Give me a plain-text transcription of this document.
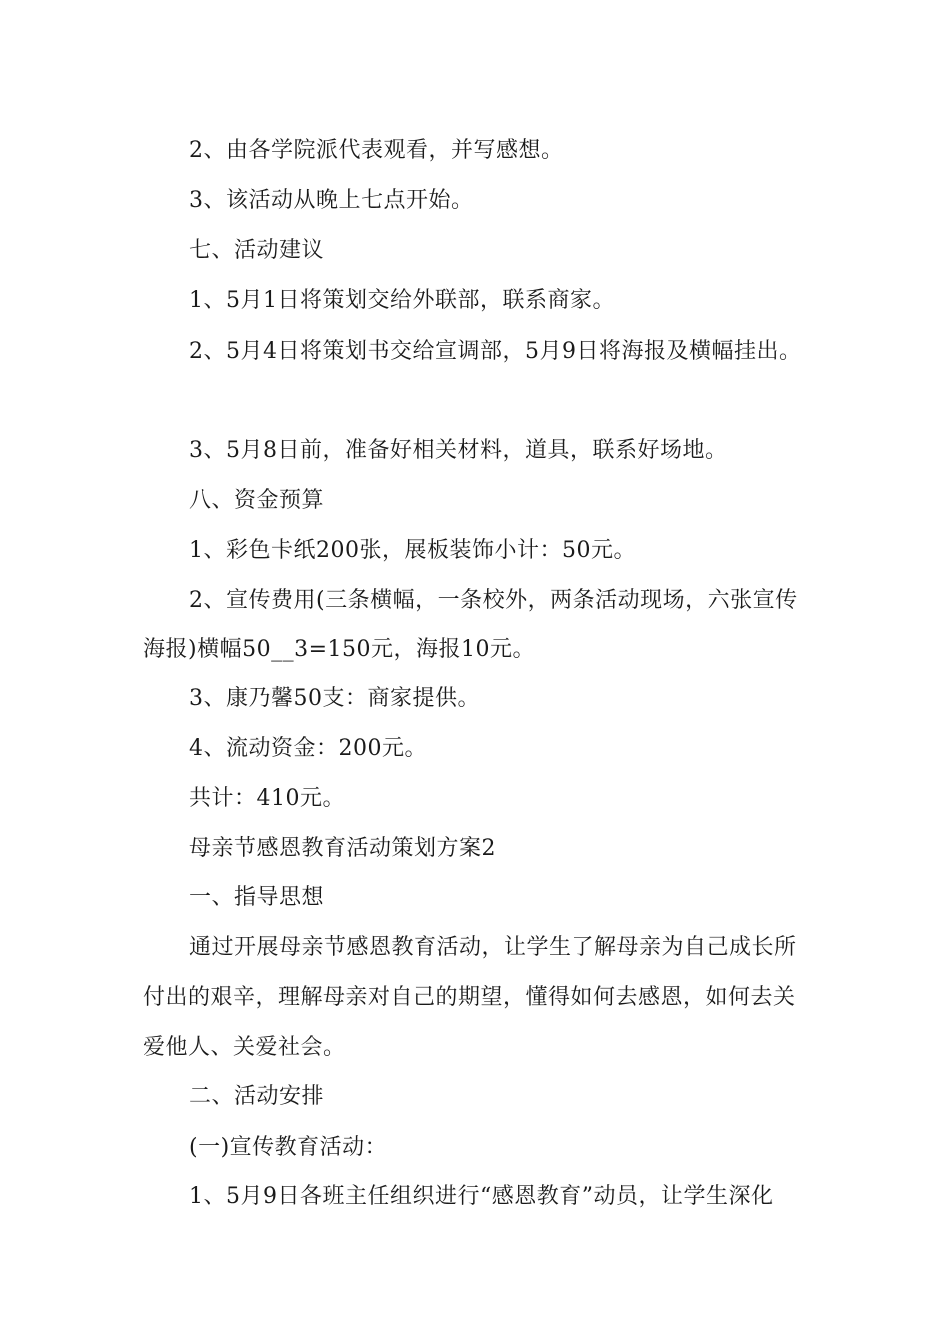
2、由各学院派代表观看，并写感想。
3、该活动从晚上七点开始。
七、活动建议
1、5月1日将策划交给外联部，联系商家。
2、5月4日将策划书交给宣调部，5月9日将海报及横幅挂出。
3、5月8日前，准备好相关材料，道具，联系好场地。
八、资金预算
1、彩色卡纸200张，展板装饰小计：50元。
2、宣传费用(三条横幅，一条校外，两条活动现场，六张宣传
海报)横幅50__3=150元，海报10元。
3、康乃馨50支：商家提供。
4、流动资金：200元。
共计：410元。
母亲节感恩教育活动策划方案2
一、指导思想
通过开展母亲节感恩教育活动，让学生了解母亲为自己成长所
付出的艰辛，理解母亲对自己的期望，懂得如何去感恩，如何去关
爱他人、关爱社会。
二、活动安排
(一)宣传教育活动：
1、5月9日各班主任组织进行“感恩教育”动员，让学生深化
